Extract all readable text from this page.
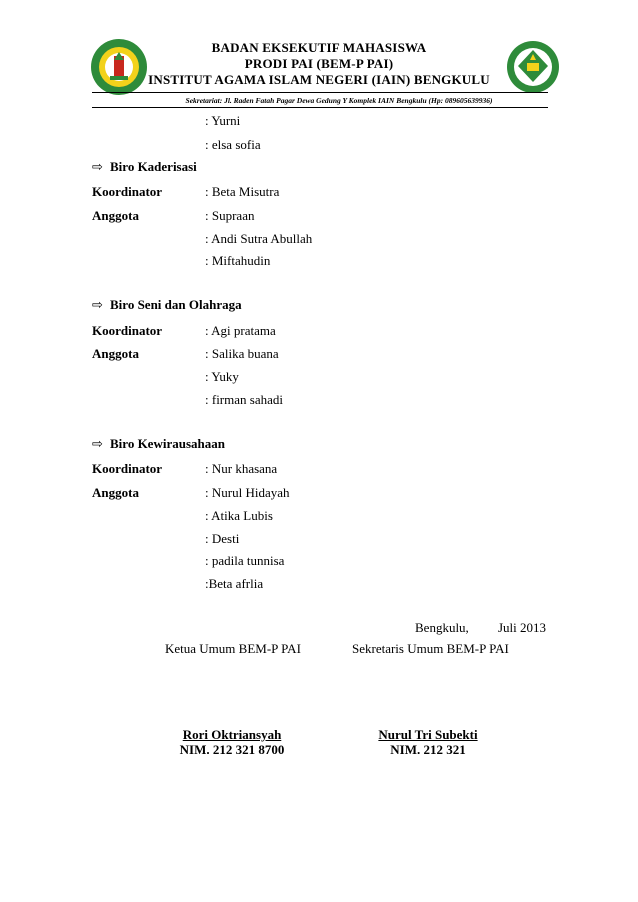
BADAN EKSEKUTIF MAHASISWA
PRODI PAI (BEM-P PAI)
INSTITUT AGAMA ISLAM NEGERI (IAIN) BENGKULU
Sekretariat: Jl. Raden Fatah Pagar Dewa Gedung Y Komplek IAIN Bengkulu (Hp: 089605639936)
: Yurni
: elsa sofia
⇨ Biro Kaderisasi
Koordinator	: Beta Misutra
Anggota	: Supraan
: Andi Sutra Abullah
: Miftahudin
⇨ Biro Seni dan Olahraga
Koordinator	: Agi pratama
Anggota	: Salika buana
: Yuky
: firman sahadi
⇨ Biro Kewirausahaan
Koordinator	: Nur khasana
Anggota	: Nurul Hidayah
: Atika Lubis
: Desti
: padila tunnisa
:Beta afrlia
Bengkulu, Juli 2013
Ketua Umum BEM-P PAI	Sekretaris Umum BEM-P PAI
Rori Oktriansyah
NIM. 212 321 8700
Nurul Tri Subekti
NIM. 212 321
